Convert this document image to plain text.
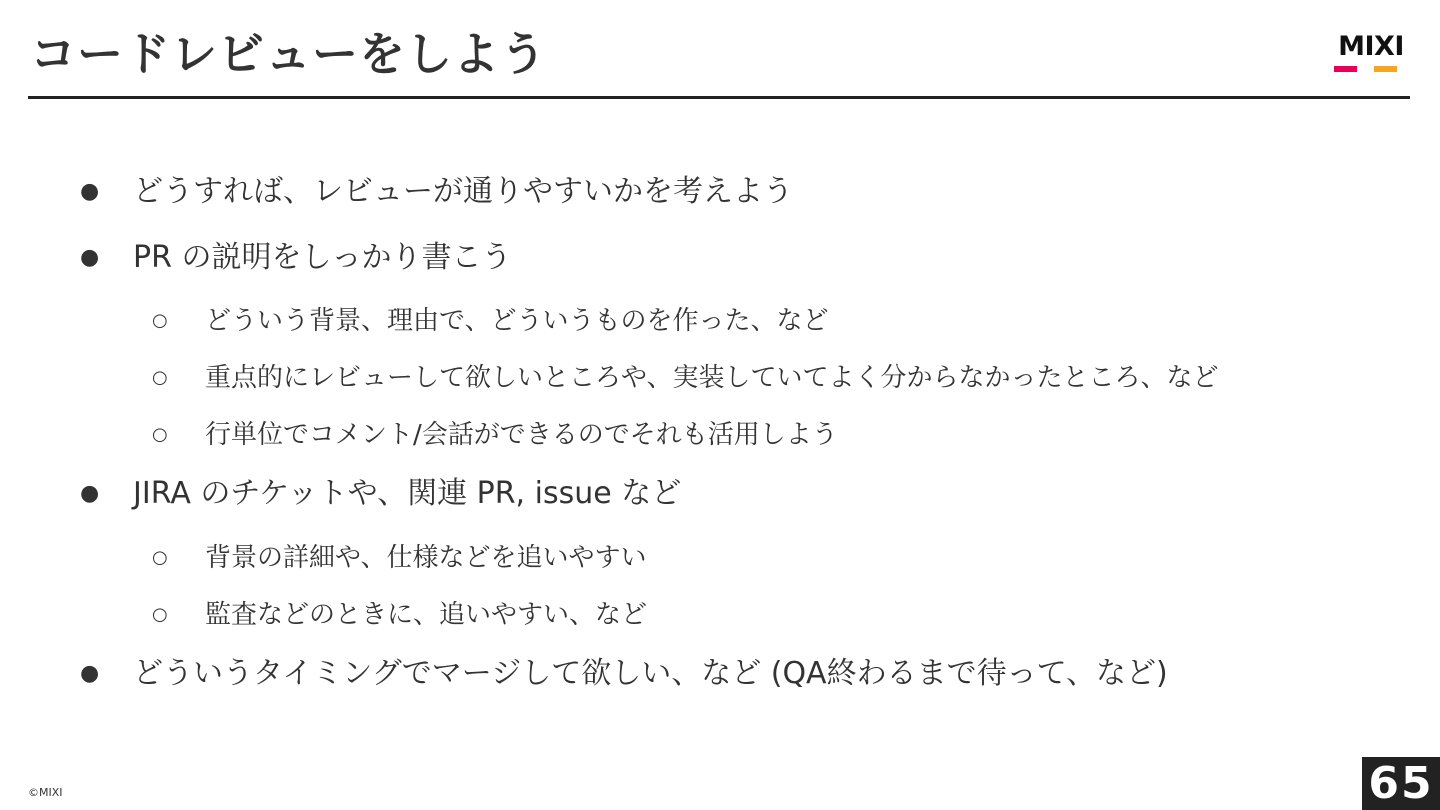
コードレビューをしよう	MIXI
● どうすれば、レビューが通りやすいかを考えよう
● PR の説明をしっかり書こう
○ どういう背景、理由で、どういうものを作った、など
○ 重点的にレビューして欲しいところや、実装していてよく分からなかったところ、など
○ 行単位でコメント/会話ができるのでそれも活用しよう
● JIRA のチケットや、関連 PR, issue など
○ 背景の詳細や、仕様などを追いやすい
○ 監査などのときに、追いやすい、など
● どういうタイミングでマージして欲しい、など (QA終わるまで待って、など)
©MIXI	65
